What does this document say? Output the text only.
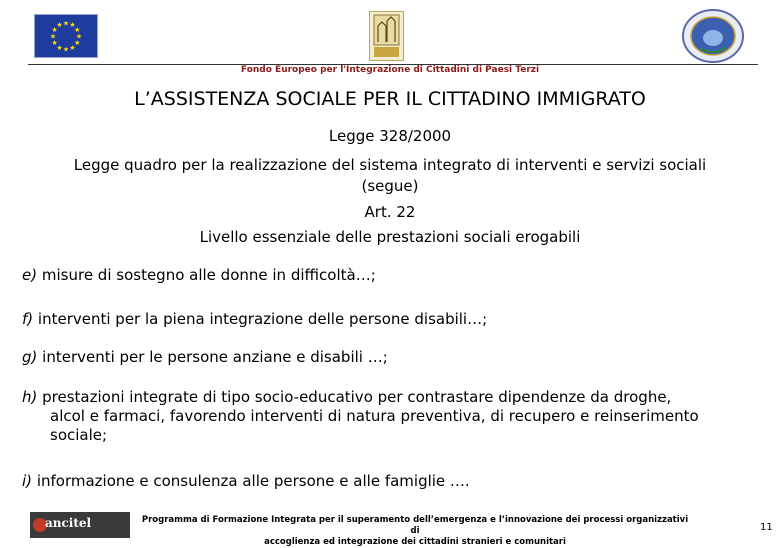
★ ★
★
★
★
★
★
★
★
★
★
★
Fondo Europeo per l'Integrazione di Cittadini di Paesi Terzi
L’ASSISTENZA SOCIALE PER IL CITTADINO IMMIGRATO
Legge 328/2000
Legge quadro per la realizzazione del sistema integrato di interventi e servizi sociali
(segue)
Art. 22
Livello essenziale delle prestazioni sociali erogabili
e) misure di sostegno alle donne in difficoltà…;
f) interventi per la piena integrazione delle persone disabili…;
g) interventi per le persone anziane e disabili …;
h) prestazioni integrate di tipo socio-educativo per contrastare dipendenze da droghe,
alcol e farmaci, favorendo interventi di natura preventiva, di recupero e reinserimento
sociale;
i) informazione e consulenza alle persone e alle famiglie ….
ancitel	Programma di Formazione Integrata per il superamento dell’emergenza e l’innovazione dei processi organizzativi di
accoglienza ed integrazione dei cittadini stranieri e comunitari
11
